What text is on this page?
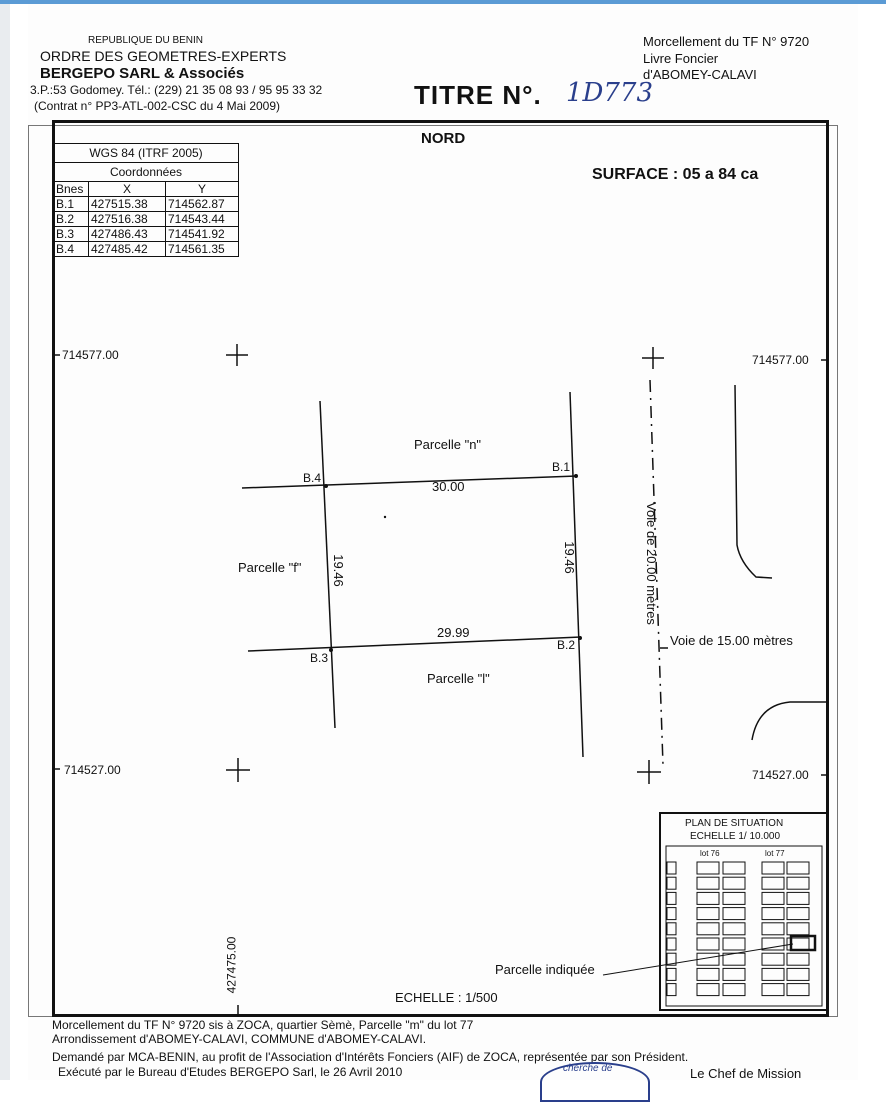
REPUBLIQUE DU BENIN
ORDRE DES GEOMETRES-EXPERTS
BERGEPO SARL & Associés
3.P.:53 Godomey. Tél.: (229) 21 35 08 93 / 95 95 33 32
(Contrat n° PP3-ATL-002-CSC du 4 Mai 2009)
Morcellement du TF N° 9720
Livre Foncier
d'ABOMEY-CALAVI
TITRE N°. 1D773
NORD
SURFACE : 05 a 84 ca
WGS 84 (ITRF 2005)		
Coordonnées		
Bnes	X	Y
B.1	427515.38	714562.87
B.2	427516.38	714543.44
B.3	427486.43	714541.92
B.4	427485.42	714561.35
Parcelle "n"
Parcelle "f"
Parcelle "l"
30.00
29.99
19.46	19.46
B.4
B.1
B.3
B.2
Voie de 20.00 mètres
Voie de 15.00 mètres
714577.00	714577.00
714527.00	714527.00
427475.00
PLAN DE SITUATION
ECHELLE 1/ 10.000
lot 76	lot 77
Parcelle indiquée
ECHELLE : 1/500
Morcellement du TF N° 9720 sis à ZOCA, quartier Sèmè, Parcelle "m" du lot 77
Arrondissement d'ABOMEY-CALAVI, COMMUNE d'ABOMEY-CALAVI.
Demandé par MCA-BENIN, au profit de l'Association d'Intérêts Fonciers (AIF) de ZOCA, représentée par son Président.
Exécuté par le Bureau d'Etudes BERGEPO Sarl, le 26 Avril 2010	Le Chef de Mission
cherche de
